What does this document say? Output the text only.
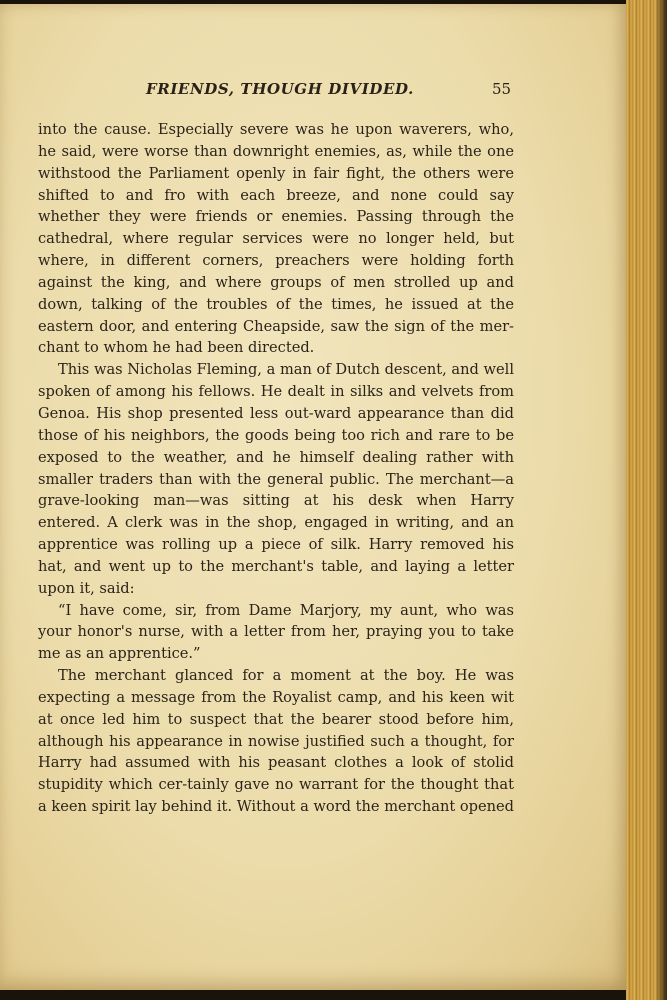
FRIENDS, THOUGH DIVIDED.	55

into the cause. Especially severe was he upon waverers, who, he said, were worse than downright enemies, as, while the one withstood the Parliament openly in fair fight, the others were shifted to and fro with each breeze, and none could say whether they were friends or enemies. Passing through the cathedral, where regular services were no longer held, but where, in different corners, preachers were holding forth against the king, and where groups of men strolled up and down, talking of the troubles of the times, he issued at the eastern door, and entering Cheapside, saw the sign of the mer-chant to whom he had been directed.

This was Nicholas Fleming, a man of Dutch descent, and well spoken of among his fellows. He dealt in silks and velvets from Genoa. His shop presented less out-ward appearance than did those of his neighbors, the goods being too rich and rare to be exposed to the weather, and he himself dealing rather with smaller traders than with the general public. The merchant—a grave-looking man—was sitting at his desk when Harry entered. A clerk was in the shop, engaged in writing, and an apprentice was rolling up a piece of silk. Harry removed his hat, and went up to the merchant's table, and laying a letter upon it, said:

“I have come, sir, from Dame Marjory, my aunt, who was your honor's nurse, with a letter from her, praying you to take me as an apprentice.”

The merchant glanced for a moment at the boy. He was expecting a message from the Royalist camp, and his keen wit at once led him to suspect that the bearer stood before him, although his appearance in nowise justified such a thought, for Harry had assumed with his peasant clothes a look of stolid stupidity which cer-tainly gave no warrant for the thought that a keen spirit lay behind it. Without a word the merchant opened
